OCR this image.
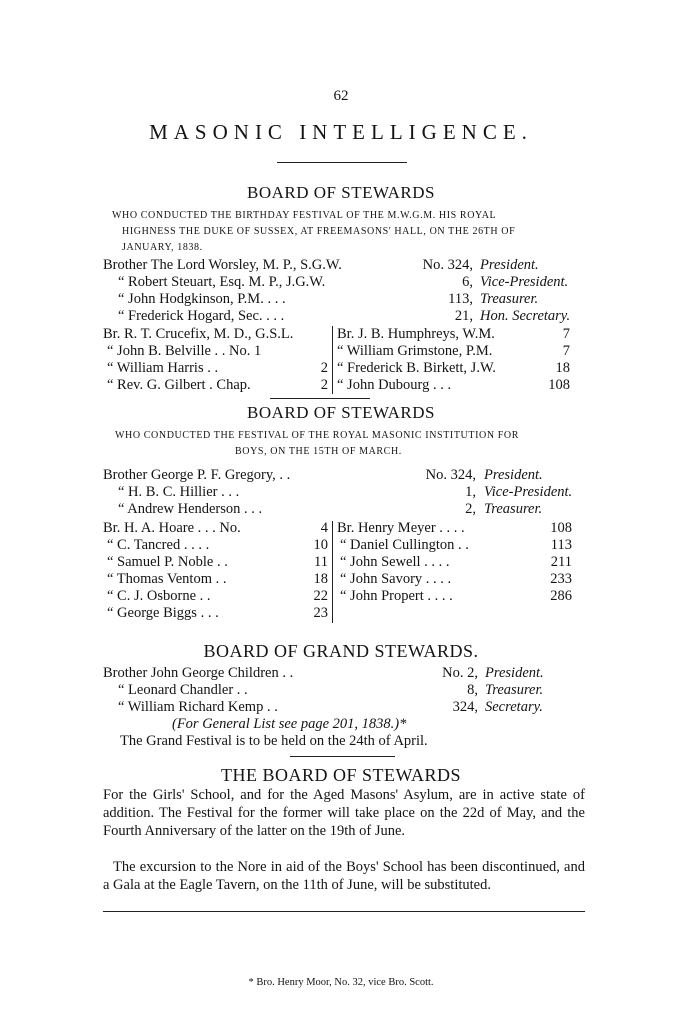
62
MASONIC INTELLIGENCE.
BOARD OF STEWARDS
WHO CONDUCTED THE BIRTHDAY FESTIVAL OF THE M.W.G.M. HIS ROYAL
HIGHNESS THE DUKE OF SUSSEX, AT FREEMASONS' HALL, ON THE 26TH OF
JANUARY, 1838.
Brother The Lord Worsley, M. P., S.G.W.	No. 324, President.
“ Robert Steuart, Esq. M. P., J.G.W.	6, Vice-President.
“ John Hodgkinson, P.M. . . .	113, Treasurer.
“ Frederick Hogard, Sec. . . .	21, Hon. Secretary.
Br. R. T. Crucefix, M. D., G.S.L.
“ John B. Belville . . No. 1
“ William Harris . .	2
“ Rev. G. Gilbert . Chap.	2
Br. J. B. Humphreys, W.M.	7
“ William Grimstone, P.M.	7
“ Frederick B. Birkett, J.W.	18
“ John Dubourg . . .	108
BOARD OF STEWARDS
WHO CONDUCTED THE FESTIVAL OF THE ROYAL MASONIC INSTITUTION FOR
BOYS, ON THE 15TH OF MARCH.
Brother George P. F. Gregory, . .	No. 324, President.
“ H. B. C. Hillier . . .	1, Vice-President.
“ Andrew Henderson . . .	2, Treasurer.
Br. H. A. Hoare . . . No.	4
“ C. Tancred . . . .	10
“ Samuel P. Noble . .	11
“ Thomas Ventom . .	18
“ C. J. Osborne . .	22
“ George Biggs . . .	23
Br. Henry Meyer . . . .	108
“ Daniel Cullington . .	113
“ John Sewell . . . .	211
“ John Savory . . . .	233
“ John Propert . . . .	286
BOARD OF GRAND STEWARDS.
Brother John George Children . .	No. 2, President.
“ Leonard Chandler . .	8, Treasurer.
“ William Richard Kemp . .	324, Secretary.
(For General List see page 201, 1838.)*
The Grand Festival is to be held on the 24th of April.
THE BOARD OF STEWARDS
For the Girls' School, and for the Aged Masons' Asylum, are in active state of addition. The Festival for the former will take place on the 22d of May, and the Fourth Anniversary of the latter on the 19th of June.
The excursion to the Nore in aid of the Boys' School has been discontinued, and a Gala at the Eagle Tavern, on the 11th of June, will be substituted.
* Bro. Henry Moor, No. 32, vice Bro. Scott.
